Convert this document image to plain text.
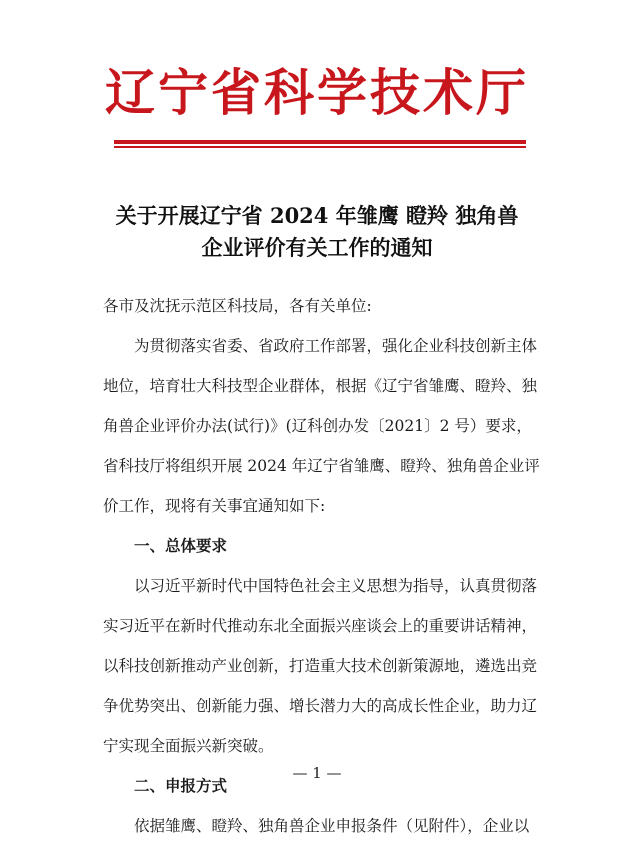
辽宁省科学技术厅
关于开展辽宁省 2024 年雏鹰 瞪羚 独角兽
企业评价有关工作的通知
各市及沈抚示范区科技局，各有关单位:
为贯彻落实省委、省政府工作部署，强化企业科技创新主体
地位，培育壮大科技型企业群体，根据《辽宁省雏鹰、瞪羚、独
角兽企业评价办法(试行)》(辽科创办发〔2021〕2 号）要求，
省科技厅将组织开展 2024 年辽宁省雏鹰、瞪羚、独角兽企业评
价工作，现将有关事宜通知如下:
一、总体要求
以习近平新时代中国特色社会主义思想为指导，认真贯彻落
实习近平在新时代推动东北全面振兴座谈会上的重要讲话精神，
以科技创新推动产业创新，打造重大技术创新策源地，遴选出竞
争优势突出、创新能力强、增长潜力大的高成长性企业，助力辽
宁实现全面振兴新突破。
二、申报方式
依据雏鹰、瞪羚、独角兽企业申报条件（见附件），企业以
— 1 —
